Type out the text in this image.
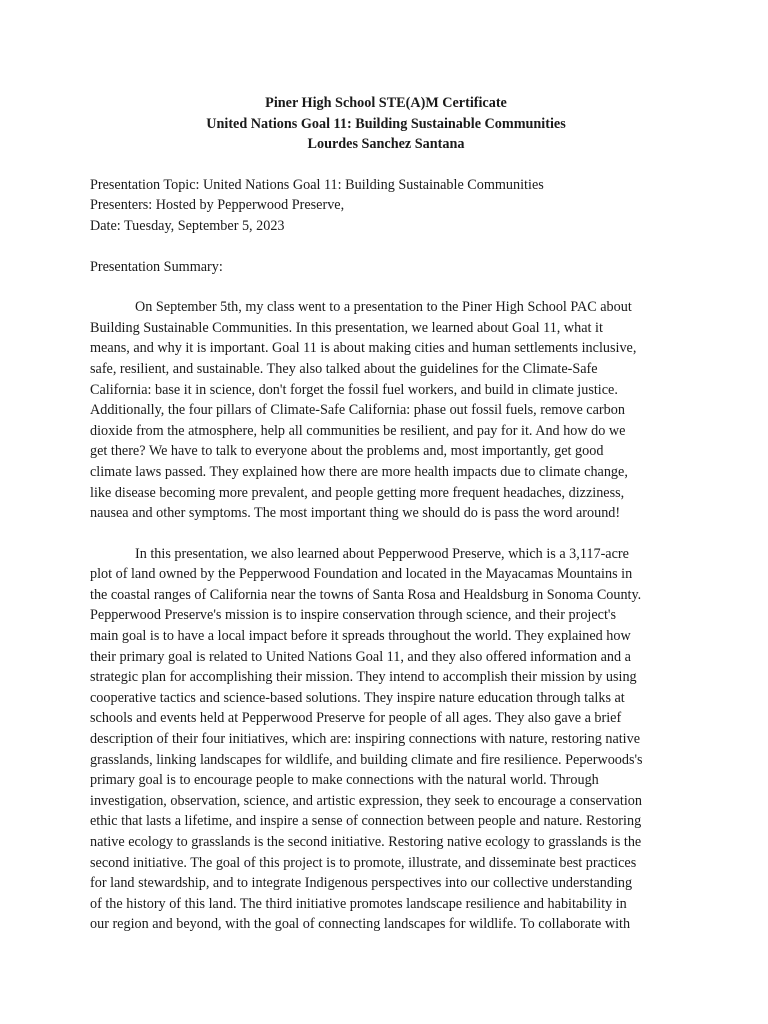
Piner High School STE(A)M Certificate
United Nations Goal 11: Building Sustainable Communities
Lourdes Sanchez Santana
Presentation Topic: United Nations Goal 11: Building Sustainable Communities
Presenters: Hosted by Pepperwood Preserve,
Date: Tuesday, September 5, 2023
Presentation Summary:
On September 5th, my class went to a presentation to the Piner High School PAC about
Building Sustainable Communities. In this presentation, we learned about Goal 11, what it
means, and why it is important. Goal 11 is about making cities and human settlements inclusive,
safe, resilient, and sustainable. They also talked about the guidelines for the Climate-Safe
California: base it in science, don't forget the fossil fuel workers, and build in climate justice.
Additionally, the four pillars of Climate-Safe California: phase out fossil fuels, remove carbon
dioxide from the atmosphere, help all communities be resilient, and pay for it. And how do we
get there? We have to talk to everyone about the problems and, most importantly, get good
climate laws passed. They explained how there are more health impacts due to climate change,
like disease becoming more prevalent, and people getting more frequent headaches, dizziness,
nausea and other symptoms. The most important thing we should do is pass the word around!
In this presentation, we also learned about Pepperwood Preserve, which is a 3,117-acre
plot of land owned by the Pepperwood Foundation and located in the Mayacamas Mountains in
the coastal ranges of California near the towns of Santa Rosa and Healdsburg in Sonoma County.
Pepperwood Preserve's mission is to inspire conservation through science, and their project's
main goal is to have a local impact before it spreads throughout the world. They explained how
their primary goal is related to United Nations Goal 11, and they also offered information and a
strategic plan for accomplishing their mission. They intend to accomplish their mission by using
cooperative tactics and science-based solutions. They inspire nature education through talks at
schools and events held at Pepperwood Preserve for people of all ages. They also gave a brief
description of their four initiatives, which are: inspiring connections with nature, restoring native
grasslands, linking landscapes for wildlife, and building climate and fire resilience. Peperwoods's
primary goal is to encourage people to make connections with the natural world. Through
investigation, observation, science, and artistic expression, they seek to encourage a conservation
ethic that lasts a lifetime, and inspire a sense of connection between people and nature. Restoring
native ecology to grasslands is the second initiative. Restoring native ecology to grasslands is the
second initiative. The goal of this project is to promote, illustrate, and disseminate best practices
for land stewardship, and to integrate Indigenous perspectives into our collective understanding
of the history of this land. The third initiative promotes landscape resilience and habitability in
our region and beyond, with the goal of connecting landscapes for wildlife. To collaborate with
